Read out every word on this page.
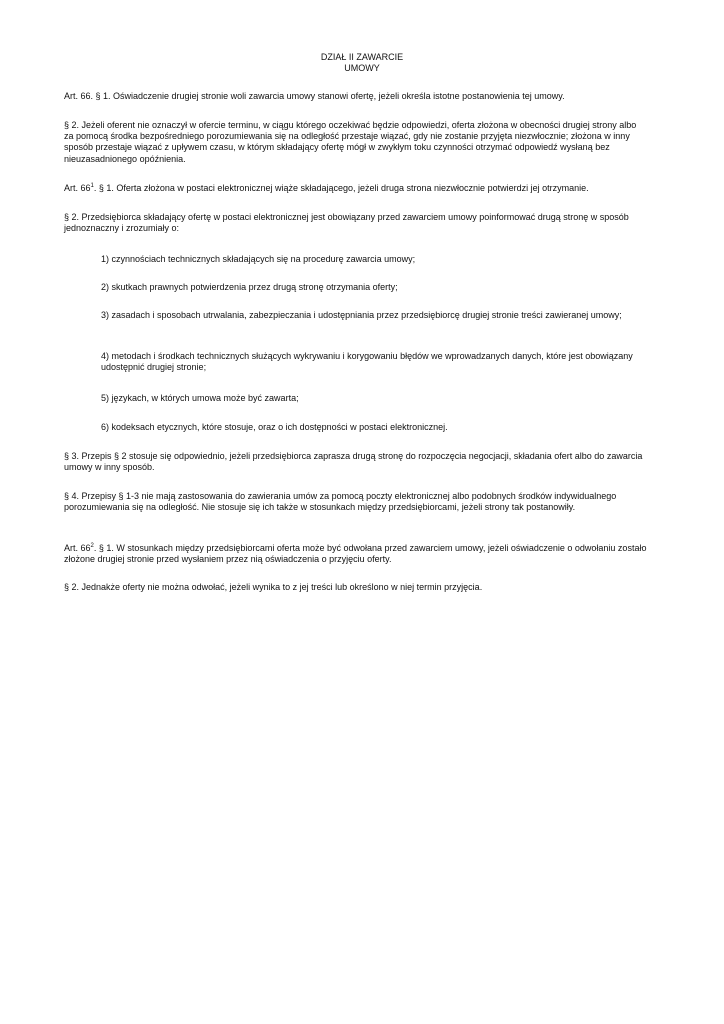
DZIAŁ II ZAWARCIE
UMOWY

Art. 66. § 1. Oświadczenie drugiej stronie woli zawarcia umowy stanowi ofertę, jeżeli określa istotne postanowienia tej umowy.

§ 2. Jeżeli oferent nie oznaczył w ofercie terminu, w ciągu którego oczekiwać będzie odpowiedzi, oferta złożona w obecności drugiej strony albo za pomocą środka bezpośredniego porozumiewania się na odległość przestaje wiązać, gdy nie zostanie przyjęta niezwłocznie; złożona w inny sposób przestaje wiązać z upływem czasu, w którym składający ofertę mógł w zwykłym toku czynności otrzymać odpowiedź wysłaną bez nieuzasadnionego opóźnienia.

Art. $66^1$. § 1. Oferta złożona w postaci elektronicznej wiąże składającego, jeżeli druga strona niezwłocznie potwierdzi jej otrzymanie.

§ 2. Przedsiębiorca składający ofertę w postaci elektronicznej jest obowiązany przed zawarciem umowy poinformować drugą stronę w sposób jednoznaczny i zrozumiały o:

1) czynnościach technicznych składających się na procedurę zawarcia umowy;

2) skutkach prawnych potwierdzenia przez drugą stronę otrzymania oferty;

3) zasadach i sposobach utrwalania, zabezpieczania i udostępniania przez przedsiębiorcę drugiej stronie treści zawieranej umowy;

4) metodach i środkach technicznych służących wykrywaniu i korygowaniu błędów we wprowadzanych danych, które jest obowiązany udostępnić drugiej stronie;

5) językach, w których umowa może być zawarta;

6) kodeksach etycznych, które stosuje, oraz o ich dostępności w postaci elektronicznej.

§ 3. Przepis § 2 stosuje się odpowiednio, jeżeli przedsiębiorca zaprasza drugą stronę do rozpoczęcia negocjacji, składania ofert albo do zawarcia umowy w inny sposób.

§ 4. Przepisy § 1-3 nie mają zastosowania do zawierania umów za pomocą poczty elektronicznej albo podobnych środków indywidualnego porozumiewania się na odległość. Nie stosuje się ich także w stosunkach między przedsiębiorcami, jeżeli strony tak postanowiły.

Art. $66^2$. § 1. W stosunkach między przedsiębiorcami oferta może być odwołana przed zawarciem umowy, jeżeli oświadczenie o odwołaniu zostało złożone drugiej stronie przed wysłaniem przez nią oświadczenia o przyjęciu oferty.

§ 2. Jednakże oferty nie można odwołać, jeżeli wynika to z jej treści lub określono w niej termin przyjęcia.
